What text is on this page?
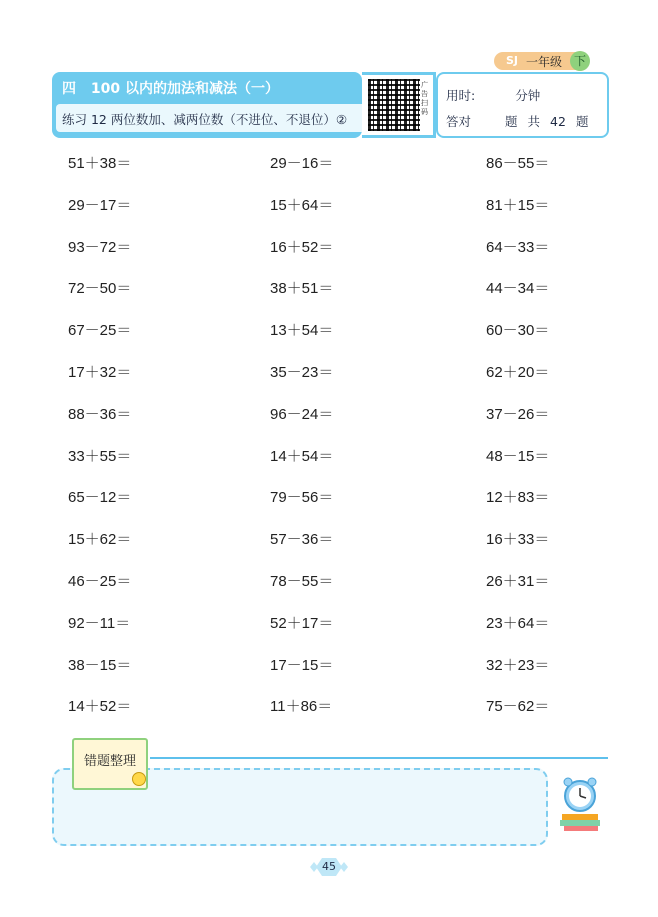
SJ 一年级 下
四 100 以内的加法和减法（一）
练习 12 两位数加、减两位数（不进位、不退位）②
广告扫码
用时:	分钟
答对	题 共 42 题
51＋38＝
29－17＝
93－72＝
72－50＝
67－25＝
17＋32＝
88－36＝
33＋55＝
65－12＝
15＋62＝
46－25＝
92－11＝
38－15＝
14＋52＝
29－16＝
15＋64＝
16＋52＝
38＋51＝
13＋54＝
35－23＝
96－24＝
14＋54＝
79－56＝
57－36＝
78－55＝
52＋17＝
17－15＝
11＋86＝
86－55＝
81＋15＝
64－33＝
44－34＝
60－30＝
62＋20＝
37－26＝
48－15＝
12＋83＝
16＋33＝
26＋31＝
23＋64＝
32＋23＝
75－62＝
错题整理
45
